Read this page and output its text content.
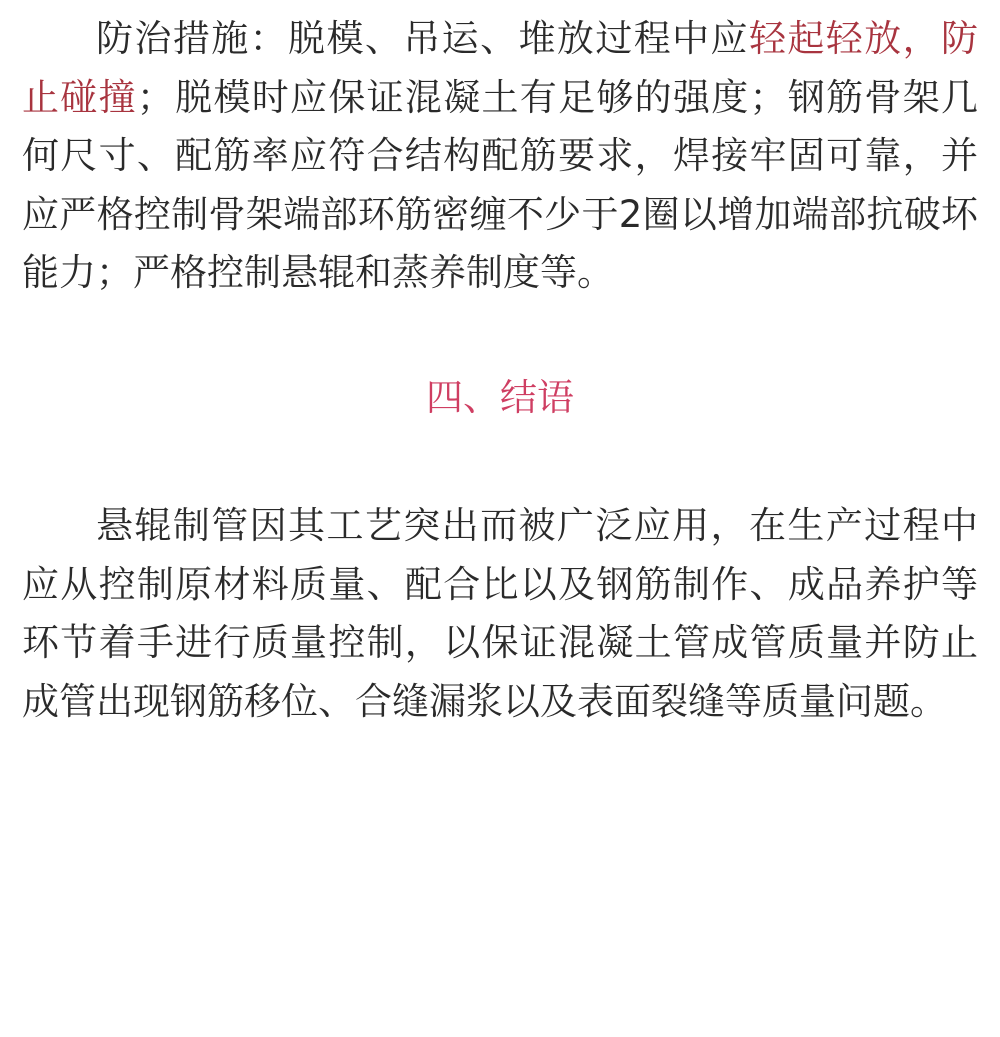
防治措施：脱模、吊运、堆放过程中应轻起轻放，防止碰撞；脱模时应保证混凝土有足够的强度；钢筋骨架几何尺寸、配筋率应符合结构配筋要求，焊接牢固可靠，并应严格控制骨架端部环筋密缠不少于2圈以增加端部抗破坏能力；严格控制悬辊和蒸养制度等。

四、结语

悬辊制管因其工艺突出而被广泛应用，在生产过程中应从控制原材料质量、配合比以及钢筋制作、成品养护等环节着手进行质量控制，以保证混凝土管成管质量并防止成管出现钢筋移位、合缝漏浆以及表面裂缝等质量问题。
